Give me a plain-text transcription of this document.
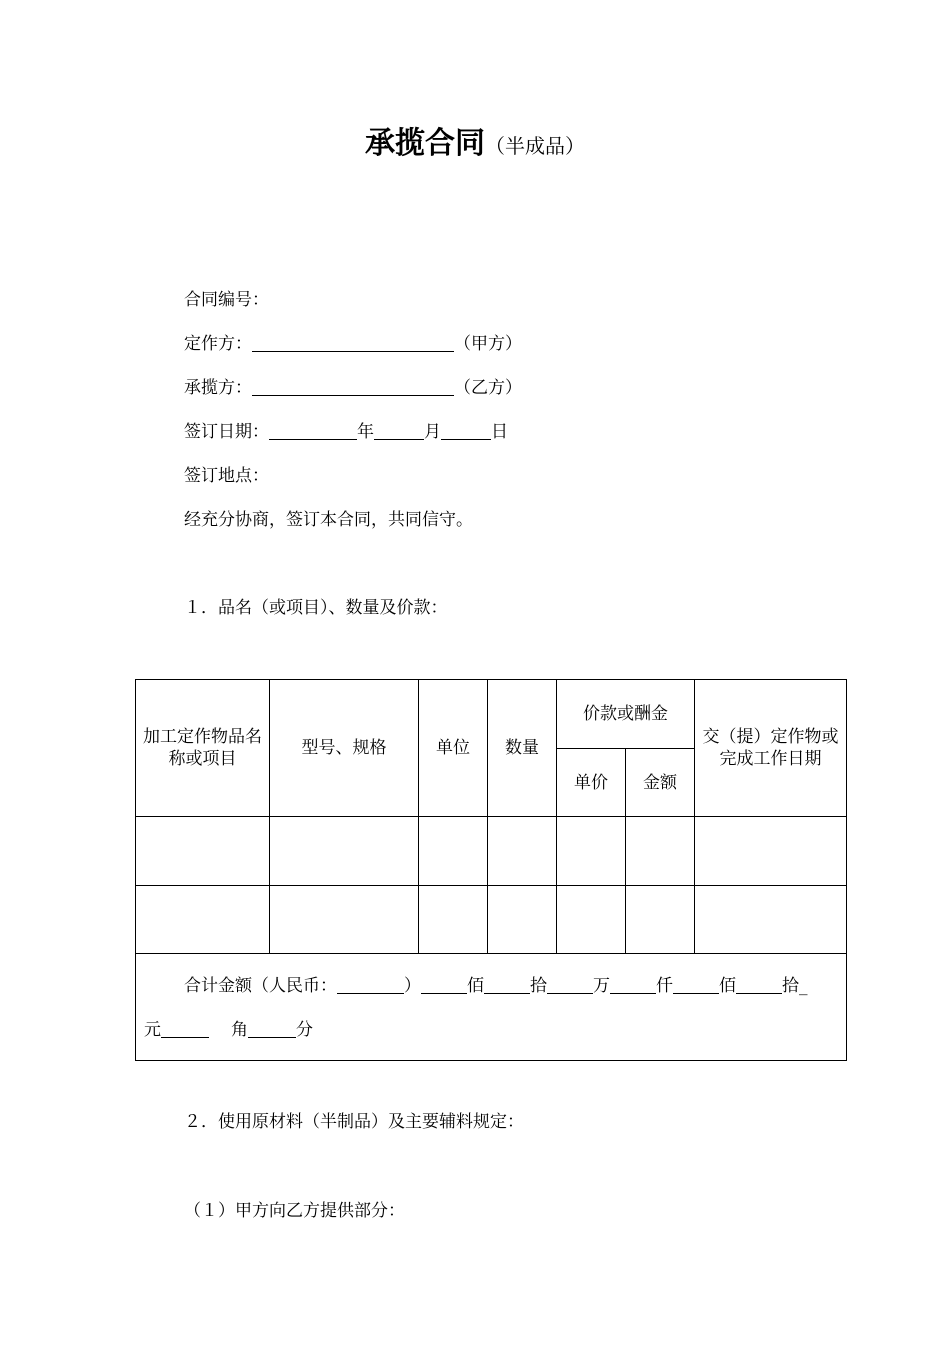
承揽合同（半成品）
合同编号：
定作方：	（甲方）
承揽方：	（乙方）
签订日期：	年	月	日
签订地点：
经充分协商，签订本合同，共同信守。
１．品名（或项目）、数量及价款：
加工定作物品名称或项目	型号、规格	单位	数量	价款或酬金		交（提）定作物或完成工作日期
				单价	金额	

合计金额（人民币： ） 佰 拾 万 仟 佰 拾_
元 角 分						
２．使用原材料（半制品）及主要辅料规定：
（１）甲方向乙方提供部分：
